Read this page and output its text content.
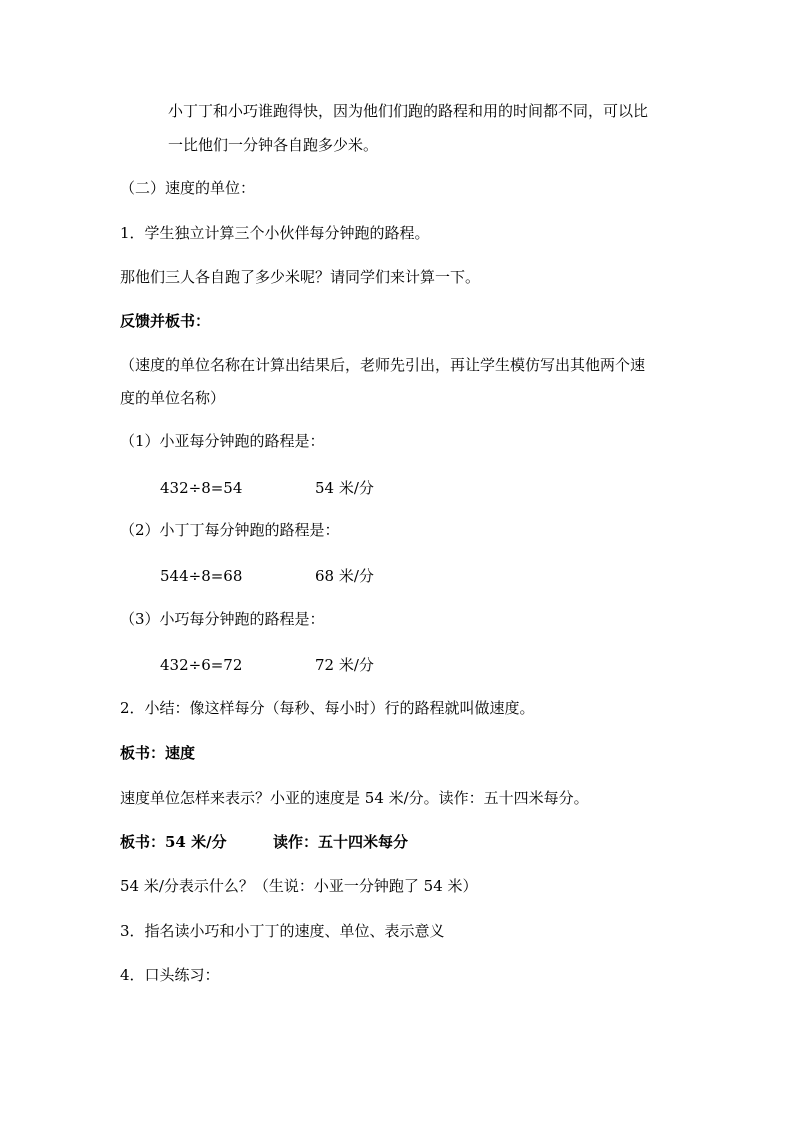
小丁丁和小巧谁跑得快，因为他们们跑的路程和用的时间都不同，可以比
一比他们一分钟各自跑多少米。
（二）速度的单位：
1．学生独立计算三个小伙伴每分钟跑的路程。
那他们三人各自跑了多少米呢？请同学们来计算一下。
反馈并板书：
（速度的单位名称在计算出结果后，老师先引出，再让学生模仿写出其他两个速
度的单位名称）
（1）小亚每分钟跑的路程是：
432÷8=54	54 米/分
（2）小丁丁每分钟跑的路程是：
544÷8=68	68 米/分
（3）小巧每分钟跑的路程是：
432÷6=72	72 米/分
2．小结：像这样每分（每秒、每小时）行的路程就叫做速度。
板书：速度
速度单位怎样来表示？小亚的速度是 54 米/分。读作：五十四米每分。
板书：54 米/分	读作：五十四米每分
54 米/分表示什么？（生说：小亚一分钟跑了 54 米）
3．指名读小巧和小丁丁的速度、单位、表示意义
4．口头练习：
